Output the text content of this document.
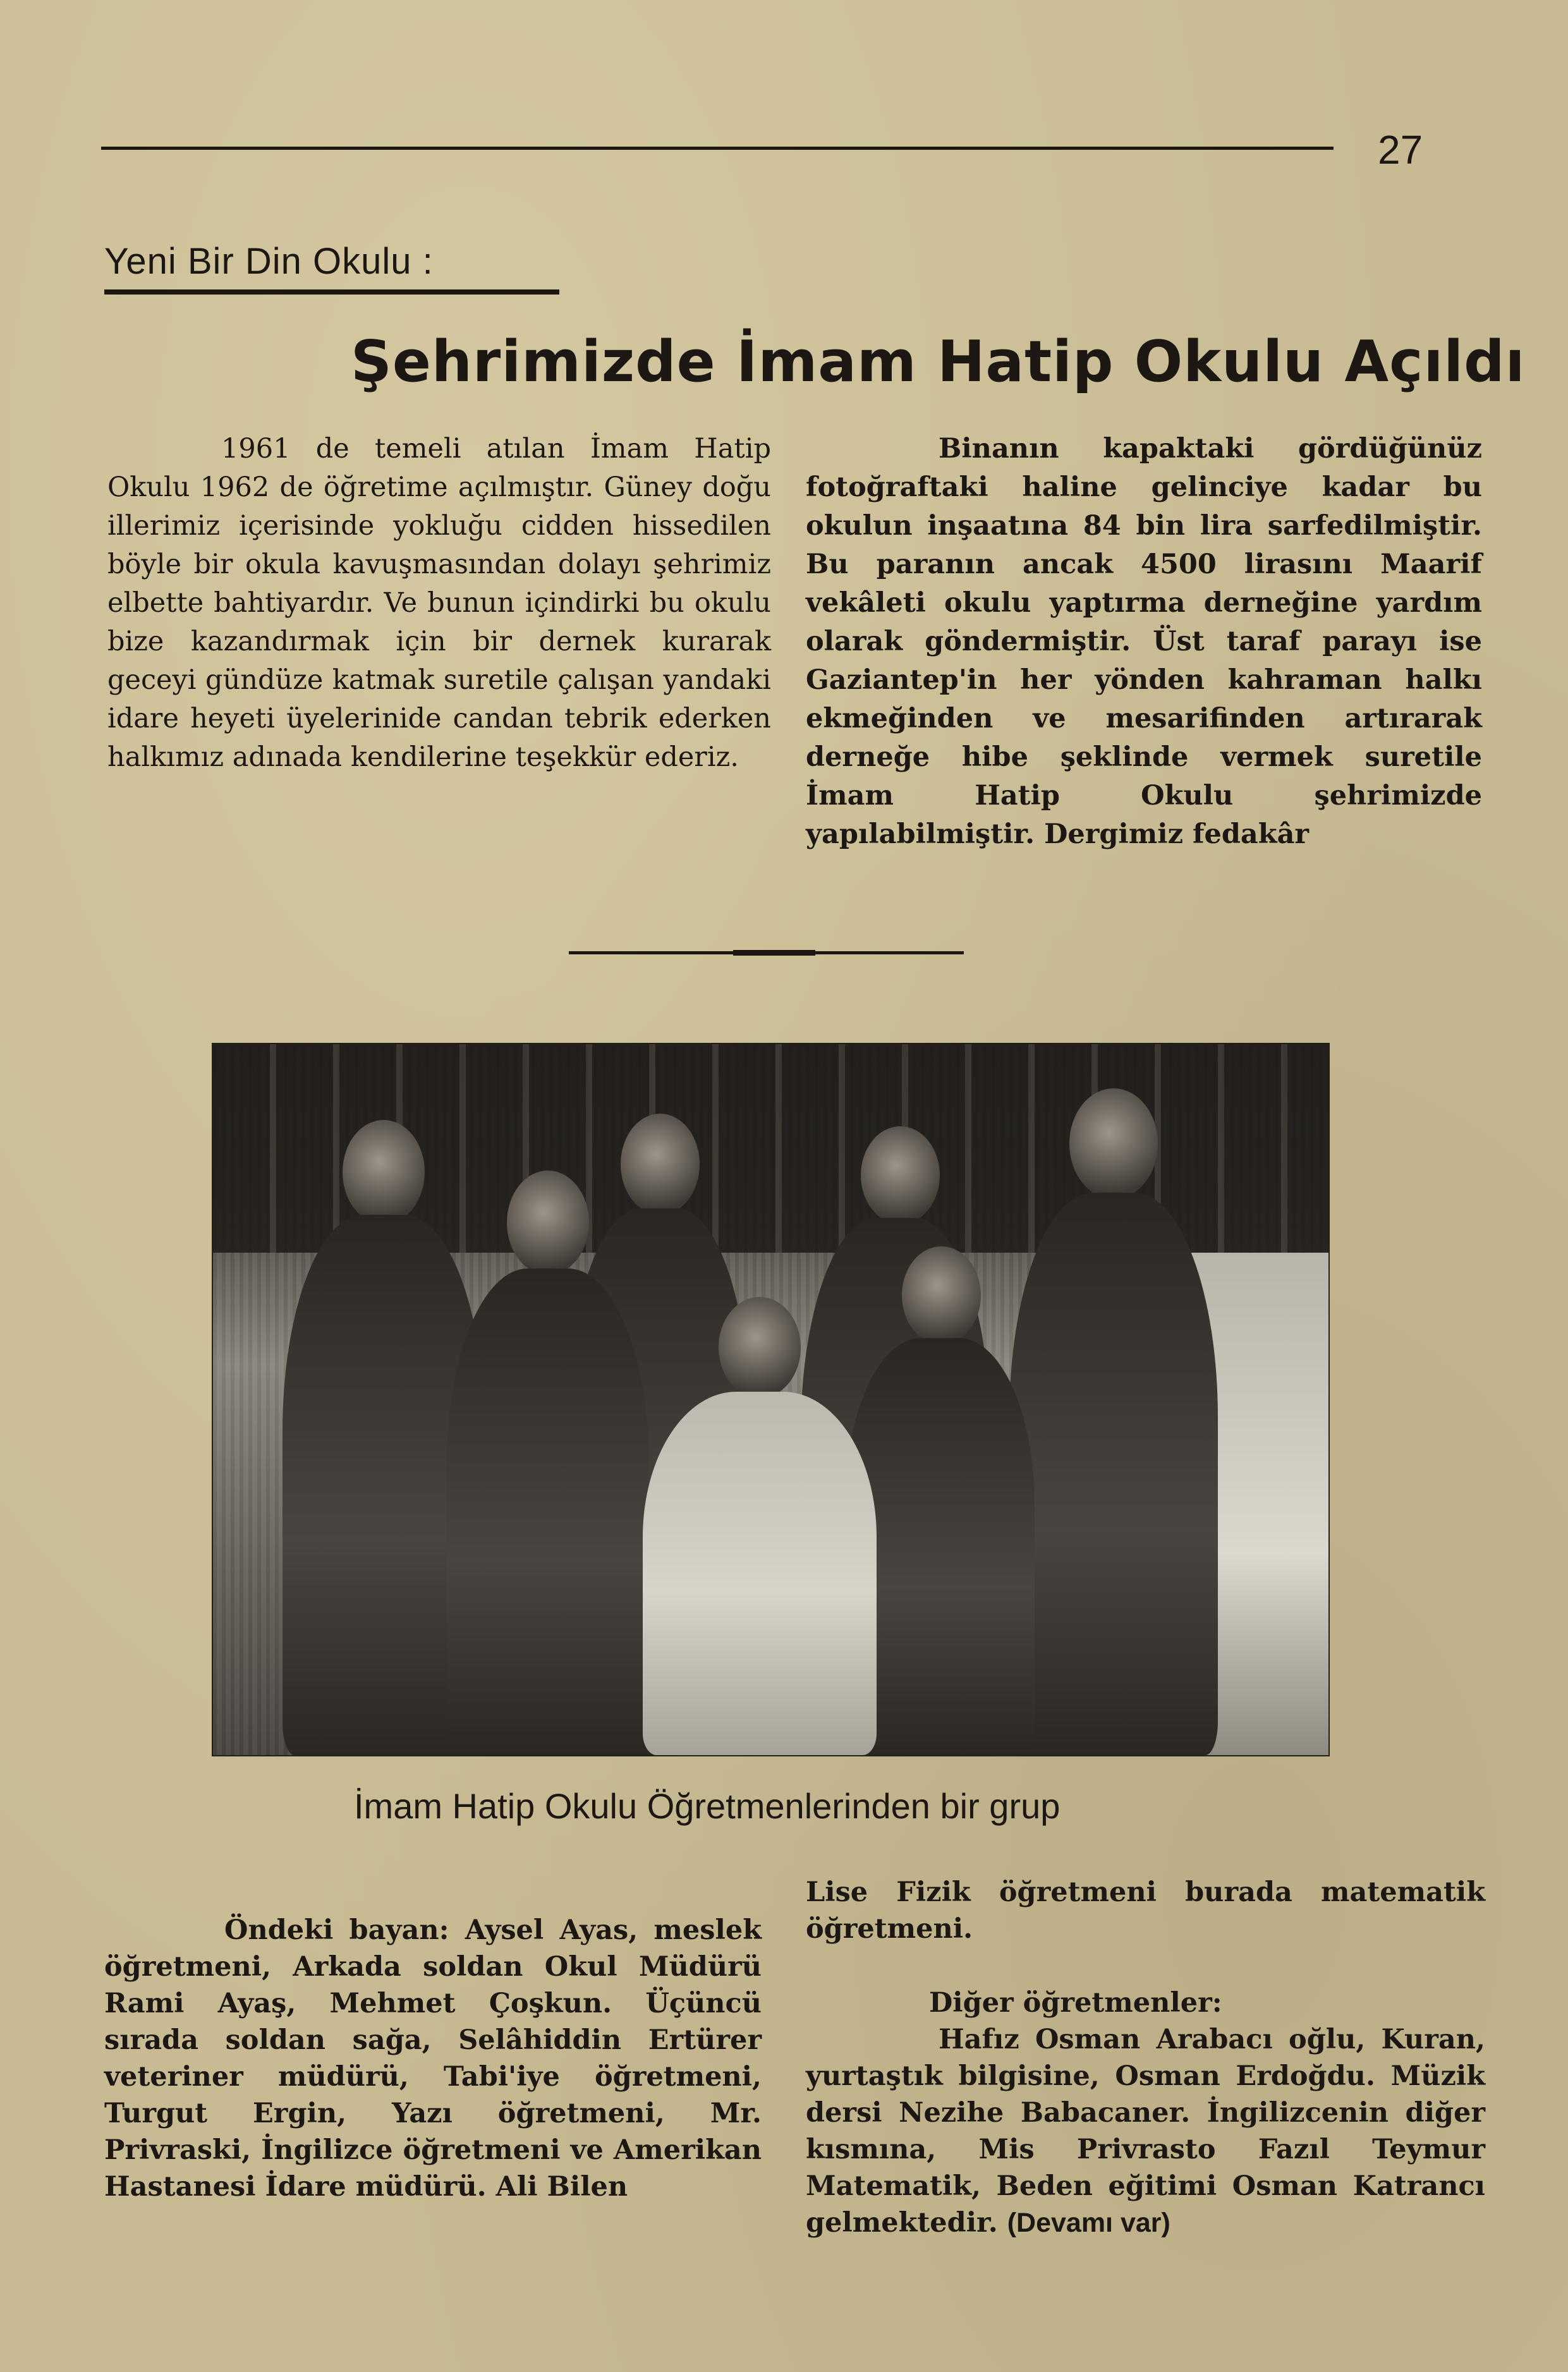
27
Yeni Bir Din Okulu :
Şehrimizde İmam Hatip Okulu Açıldı
1961 de temeli atılan İmam Hatip Okulu 1962 de öğretime açılmıştır. Güney doğu illerimiz içerisinde yokluğu cidden hissedilen böyle bir okula kavuşmasından dolayı şehrimiz elbette bahtiyardır. Ve bunun içindirki bu okulu bize kazandırmak için bir dernek kurarak geceyi gündüze katmak suretile çalışan yandaki idare heyeti üyelerinide candan tebrik ederken halkımız adınada kendilerine teşekkür ederiz.
Binanın kapaktaki gördüğünüz fotoğraftaki haline gelinciye kadar bu okulun inşaatına 84 bin lira sarfedilmiştir. Bu paranın ancak 4500 lirasını Maarif vekâleti okulu yaptırma derneğine yardım olarak göndermiştir. Üst taraf parayı ise Gaziantep'in her yönden kahraman halkı ekmeğinden ve mesarifinden artırarak derneğe hibe şeklinde vermek suretile İmam Hatip Okulu şehrimizde yapılabilmiştir. Dergimiz fedakâr
İmam Hatip Okulu Öğretmenlerinden bir grup
Öndeki bayan: Aysel Ayas, meslek öğretmeni, Arkada soldan Okul Müdürü Rami Ayaş, Mehmet Çoşkun. Üçüncü sırada soldan sağa, Selâhiddin Ertürer veteriner müdürü, Tabi'iye öğretmeni, Turgut Ergin, Yazı öğretmeni, Mr. Privraski, İngilizce öğretmeni ve Amerikan Hastanesi İdare müdürü. Ali Bilen
Lise Fizik öğretmeni burada matematik öğretmeni.
Diğer öğretmenler:
Hafız Osman Arabacı oğlu, Kuran, yurtaştık bilgisine, Osman Erdoğdu. Müzik dersi Nezihe Babacaner. İngilizcenin diğer kısmına, Mis Privrasto Fazıl Teymur Matematik, Beden eğitimi Osman Katrancı gelmektedir. (Devamı var)
